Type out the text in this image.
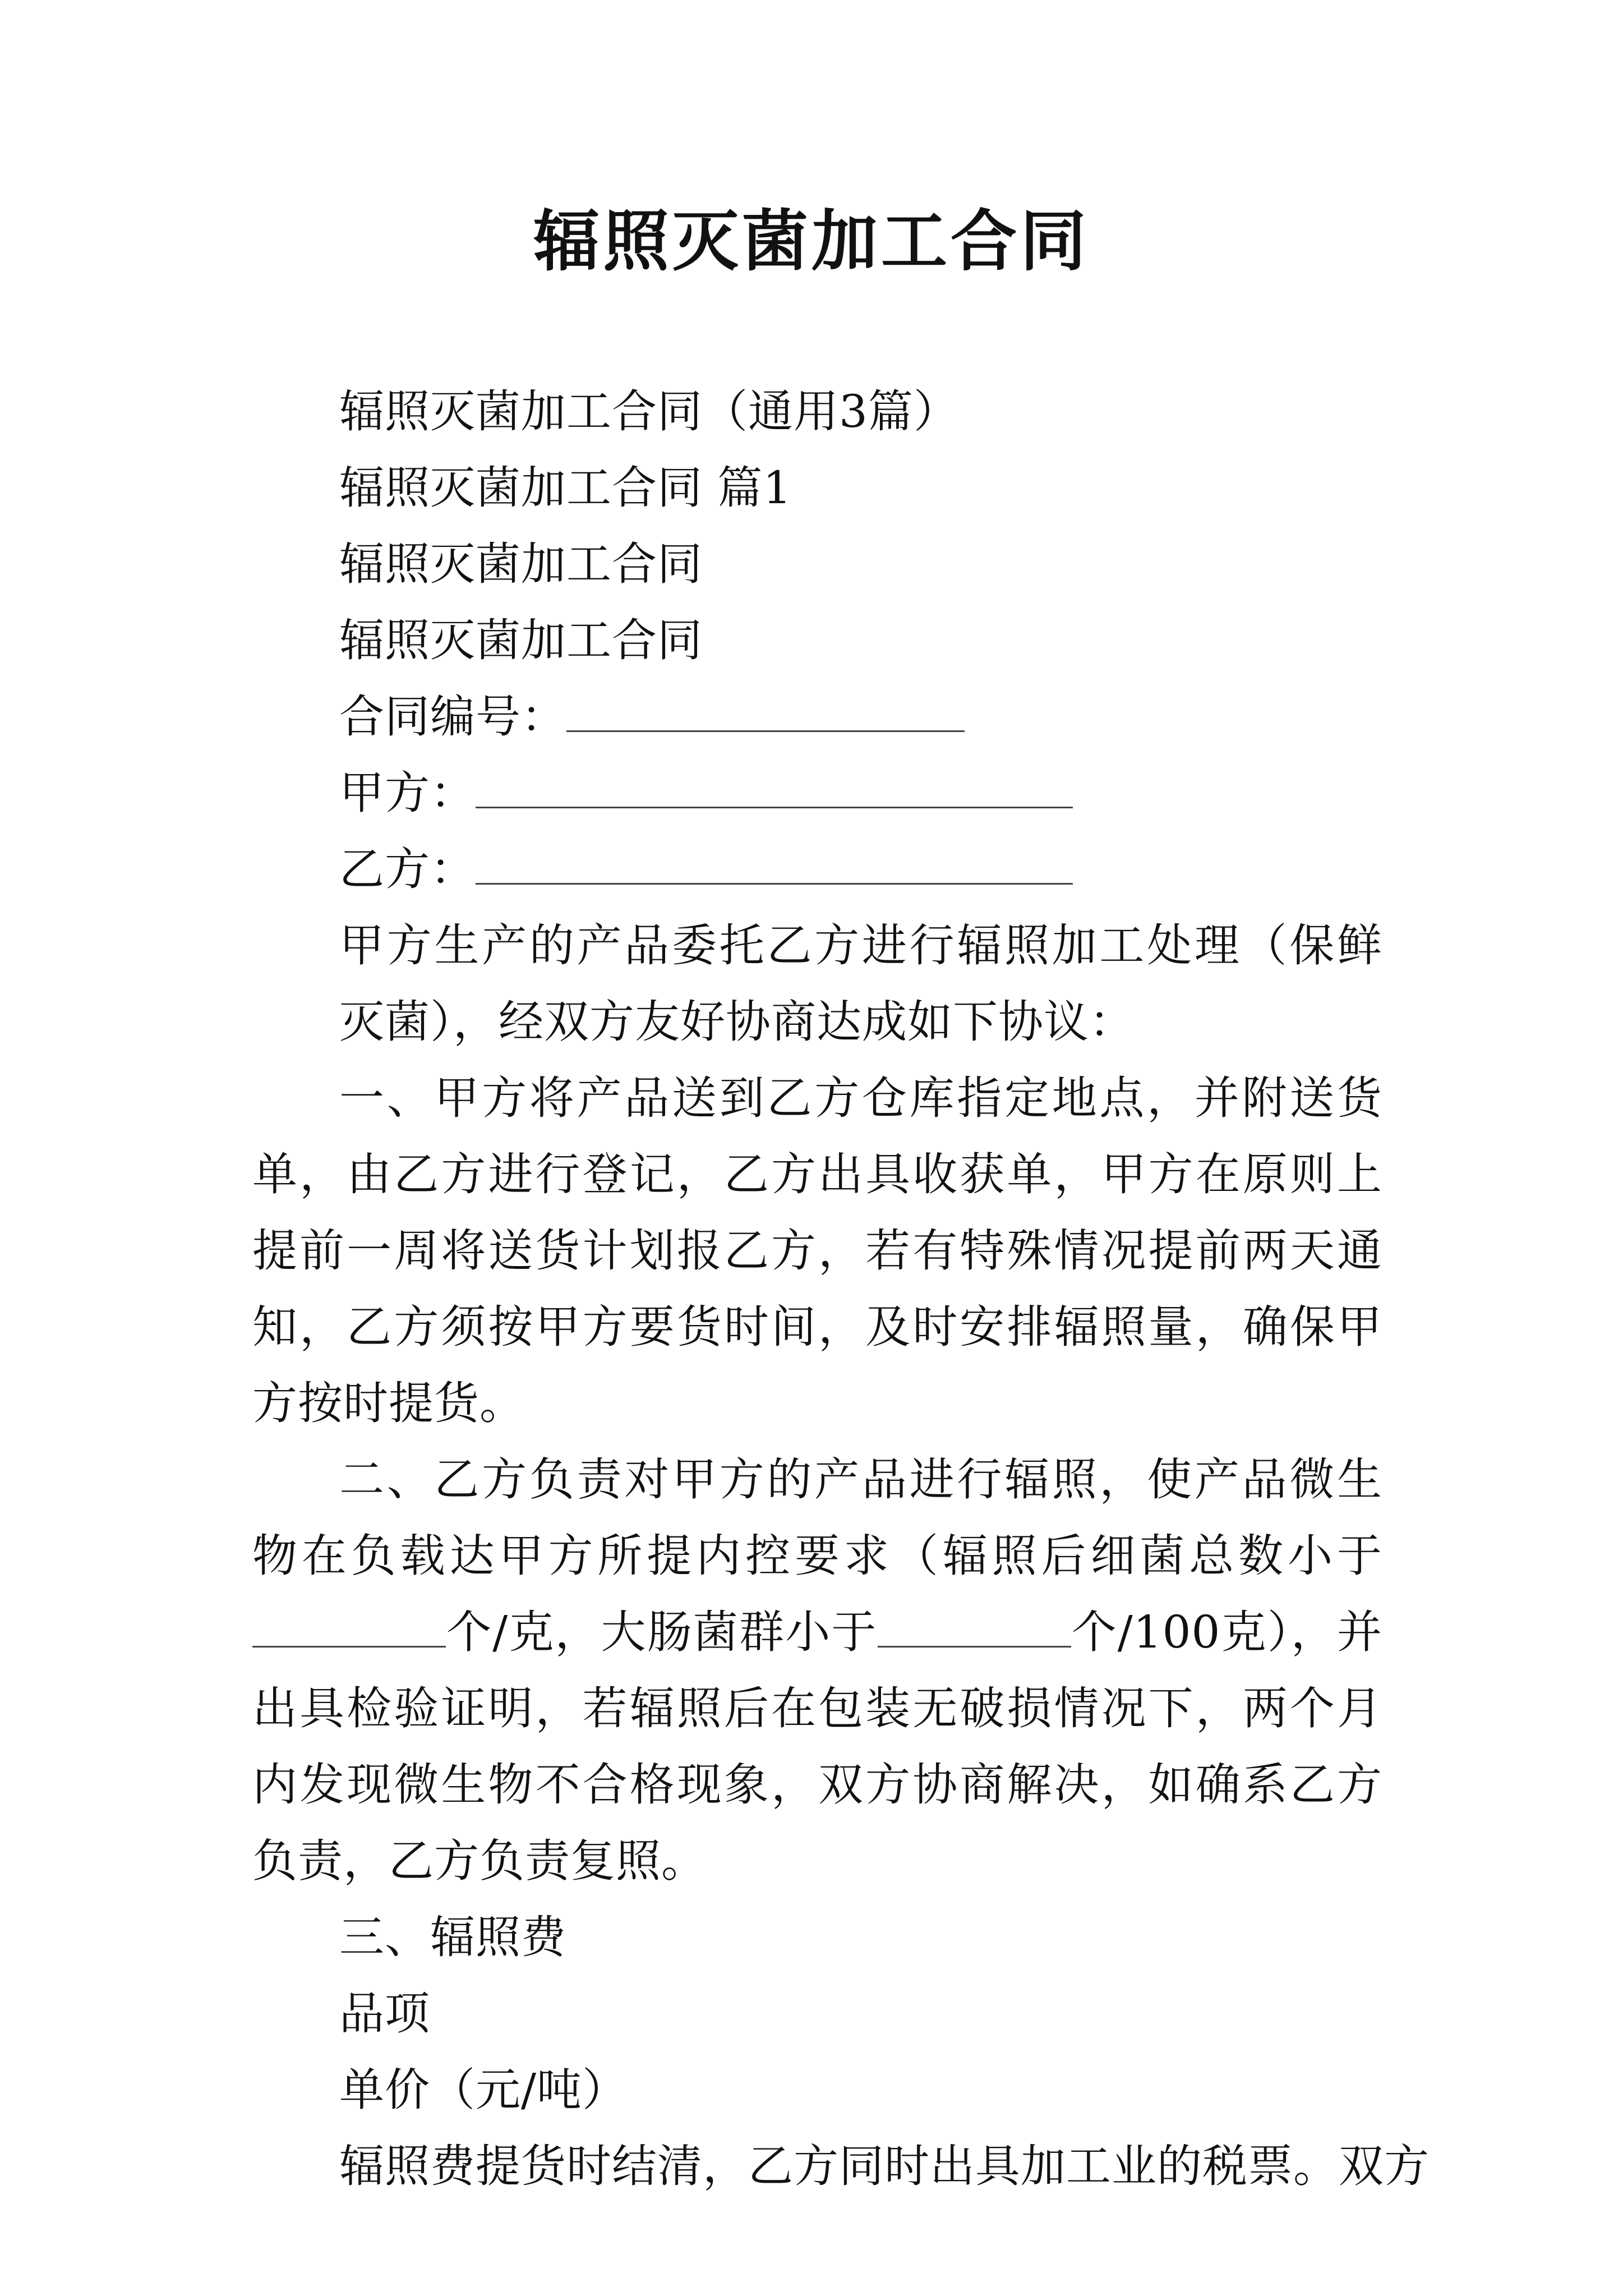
辐照灭菌加工合同
辐照灭菌加工合同（通用3篇）
辐照灭菌加工合同 篇1
辐照灭菌加工合同
辐照灭菌加工合同
合同编号：
甲方：
乙方：
甲方生产的产品委托乙方进行辐照加工处理（保鲜灭菌），经双方友好协商达成如下协议：
一、甲方将产品送到乙方仓库指定地点，并附送货单，由乙方进行登记，乙方出具收获单，甲方在原则上提前一周将送货计划报乙方，若有特殊情况提前两天通知，乙方须按甲方要货时间，及时安排辐照量，确保甲方按时提货。
二、乙方负责对甲方的产品进行辐照，使产品微生物在负载达甲方所提内控要求（辐照后细菌总数小于个/克，大肠菌群小于	个/100克），并出具检验证明，若辐照后在包装无破损情况下，两个月内发现微生物不合格现象，双方协商解决，如确系乙方负责，乙方负责复照。
三、辐照费
品项
单价（元/吨）
辐照费提货时结清，乙方同时出具加工业的税票。双方
